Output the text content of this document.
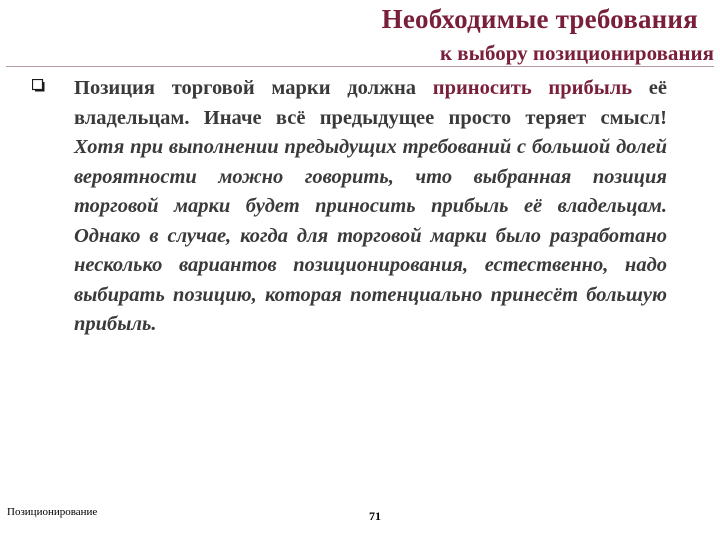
Необходимые требования
к выбору позиционирования
Позиция торговой марки должна приносить прибыль её владельцам. Иначе всё предыдущее просто теряет смысл! Хотя при выполнении предыдущих требований с большой долей вероятности можно говорить, что выбранная позиция торговой марки будет приносить прибыль её владельцам. Однако в случае, когда для торговой марки было разработано несколько вариантов позиционирования, естественно, надо выбирать позицию, которая потенциально принесёт большую прибыль.
Позиционирование	71
